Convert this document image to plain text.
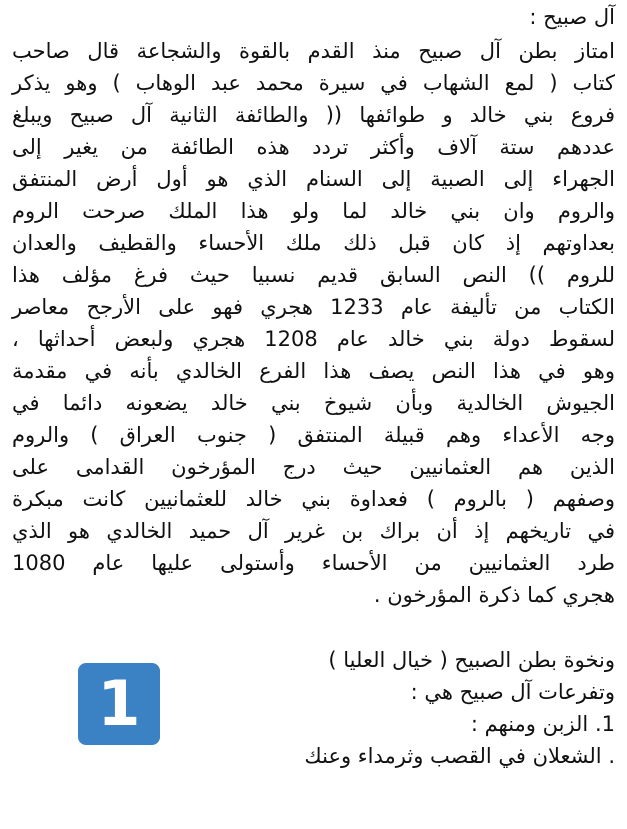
آل صبيح :
امتاز بطن آل صبيح منذ القدم بالقوة والشجاعة قال صاحب
كتاب ( لمع الشهاب في سيرة محمد عبد الوهاب ) وهو يذكر
فروع بني خالد و طوائفها (( والطائفة الثانية آل صبيح ويبلغ
عددهم ستة آلاف وأكثر تردد هذه الطائفة من يغير إلى
الجهراء إلى الصبية إلى السنام الذي هو أول أرض المنتفق
والروم وان بني خالد لما ولو هذا الملك صرحت الروم
بعداوتهم إذ كان قبل ذلك ملك الأحساء والقطيف والعدان
للروم )) النص السابق قديم نسبيا حيث فرغ مؤلف هذا
الكتاب من تأليفة عام 1233 هجري فهو على الأرجح معاصر
لسقوط دولة بني خالد عام 1208 هجري ولبعض أحداثها ،
وهو في هذا النص يصف هذا الفرع الخالدي بأنه في مقدمة
الجيوش الخالدية وبأن شيوخ بني خالد يضعونه دائما في
وجه الأعداء وهم قبيلة المنتفق ( جنوب العراق ) والروم
الذين هم العثمانيين حيث درج المؤرخون القدامى على
وصفهم ( بالروم ) فعداوة بني خالد للعثمانيين كانت مبكرة
في تاريخهم إذ أن براك بن غرير آل حميد الخالدي هو الذي
طرد العثمانيين من الأحساء وأستولى عليها عام 1080
هجري كما ذكرة المؤرخون .
ونخوة بطن الصبيح ( خيال العليا )
وتفرعات آل صبيح هي :
1. الزبن ومنهم :
. الشعلان في القصب وثرمداء وعنك
1
